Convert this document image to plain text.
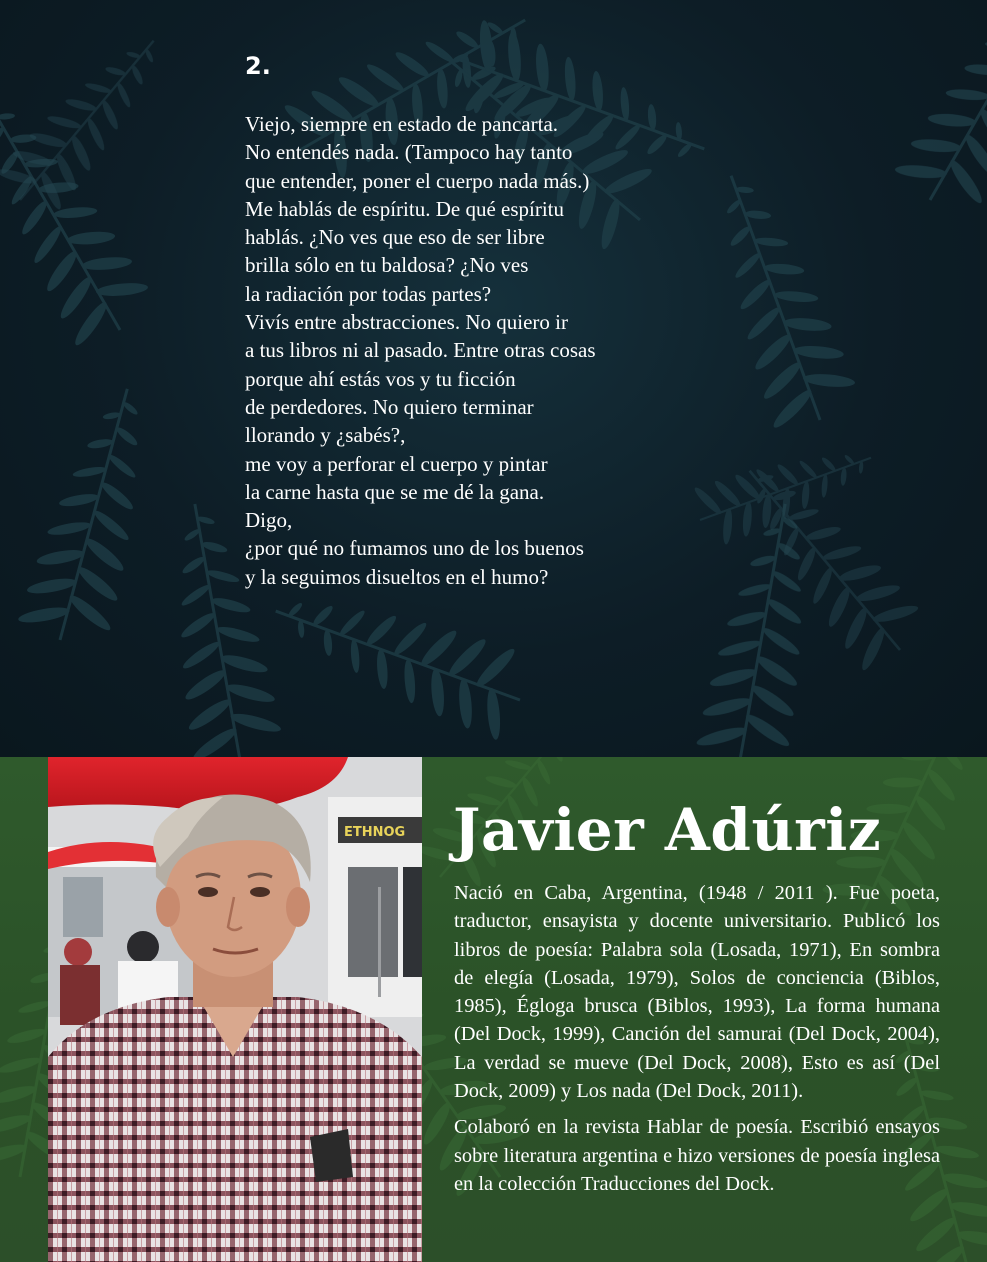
2.
Viejo, siempre en estado de pancarta.
No entendés nada. (Tampoco hay tanto
que entender, poner el cuerpo nada más.)
Me hablás de espíritu. De qué espíritu
hablás. ¿No ves que eso de ser libre
brilla sólo en tu baldosa? ¿No ves
la radiación por todas partes?
Vivís entre abstracciones. No quiero ir
a tus libros ni al pasado. Entre otras cosas
porque ahí estás vos y tu ficción
de perdedores. No quiero terminar
llorando y ¿sabés?,
me voy a perforar el cuerpo y pintar
la carne hasta que se me dé la gana.
Digo,
¿por qué no fumamos uno de los buenos
y la seguimos disueltos en el humo?
ETHNOG Javier Adúriz

Nació en Caba, Argentina, (1948 / 2011 ). Fue poeta, traductor, ensayista y docente universitario. Publicó los libros de poesía: Palabra sola (Losada, 1971), En sombra de elegía (Losada, 1979), Solos de conciencia (Biblos, 1985), Égloga brusca (Biblos, 1993), La forma humana (Del Dock, 1999), Canción del samurai (Del Dock, 2004), La verdad se mueve (Del Dock, 2008), Esto es así (Del Dock, 2009) y Los nada (Del Dock, 2011).

Colaboró en la revista Hablar de poesía. Escribió ensayos sobre literatura argentina e hizo versiones de poesía inglesa en la colección Traducciones del Dock.
